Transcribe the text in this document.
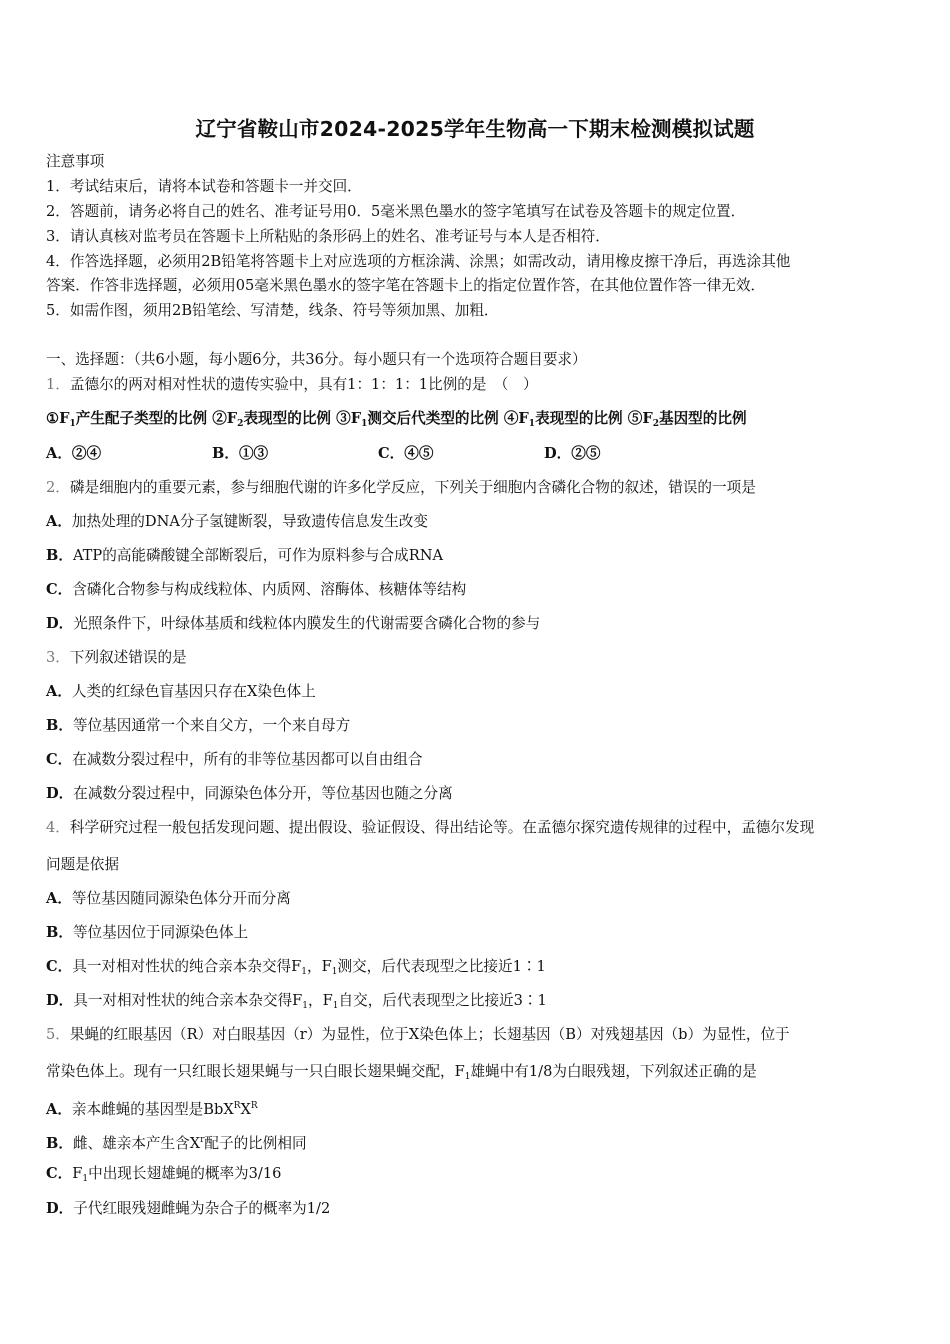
辽宁省鞍山市2024-2025学年生物高一下期末检测模拟试题
注意事项
1．考试结束后，请将本试卷和答题卡一并交回．
2．答题前，请务必将自己的姓名、准考证号用0．5毫米黑色墨水的签字笔填写在试卷及答题卡的规定位置．
3．请认真核对监考员在答题卡上所粘贴的条形码上的姓名、准考证号与本人是否相符．
4．作答选择题，必须用2B铅笔将答题卡上对应选项的方框涂满、涂黑；如需改动，请用橡皮擦干净后，再选涂其他
答案．作答非选择题，必须用05毫米黑色墨水的签字笔在答题卡上的指定位置作答，在其他位置作答一律无效．
5．如需作图，须用2B铅笔绘、写清楚，线条、符号等须加黑、加粗．
一、选择题：（共6小题，每小题6分，共36分。每小题只有一个选项符合题目要求）
1．孟德尔的两对相对性状的遗传实验中，具有1：1：1：1比例的是　（　）
$①F_1$产生配子类型的比例 $②F_2$表现型的比例 $③F_1$测交后代类型的比例 $④F_1$表现型的比例 $⑤F_2$基因型的比例
A．②④	B．①③	C．④⑤	D．②⑤
2．磷是细胞内的重要元素，参与细胞代谢的许多化学反应，下列关于细胞内含磷化合物的叙述，错误的一项是
A．加热处理的DNA分子氢键断裂，导致遗传信息发生改变
B．ATP的高能磷酸键全部断裂后，可作为原料参与合成RNA
C．含磷化合物参与构成线粒体、内质网、溶酶体、核糖体等结构
D．光照条件下，叶绿体基质和线粒体内膜发生的代谢需要含磷化合物的参与
3．下列叙述错误的是
A．人类的红绿色盲基因只存在X染色体上
B．等位基因通常一个来自父方，一个来自母方
C．在减数分裂过程中，所有的非等位基因都可以自由组合
D．在减数分裂过程中，同源染色体分开，等位基因也随之分离
4．科学研究过程一般包括发现问题、提出假设、验证假设、得出结论等。在孟德尔探究遗传规律的过程中，孟德尔发现
问题是依据
A．等位基因随同源染色体分开而分离
B．等位基因位于同源染色体上
C．具一对相对性状的纯合亲本杂交得$F_1$，$F_1$测交，后代表现型之比接近1∶1
D．具一对相对性状的纯合亲本杂交得$F_1$，$F_1$自交，后代表现型之比接近3∶1
5．果蝇的红眼基因（R）对白眼基因（r）为显性，位于X染色体上；长翅基因（B）对残翅基因（b）为显性，位于
常染色体上。现有一只红眼长翅果蝇与一只白眼长翅果蝇交配，$F_1$雄蝇中有1/8为白眼残翅，下列叙述正确的是
A．亲本雌蝇的基因型是$BbX^RX^R$
B．雌、雄亲本产生含$X^r$配子的比例相同
C．$F_1$中出现长翅雄蝇的概率为3/16
D．子代红眼残翅雌蝇为杂合子的概率为1/2
